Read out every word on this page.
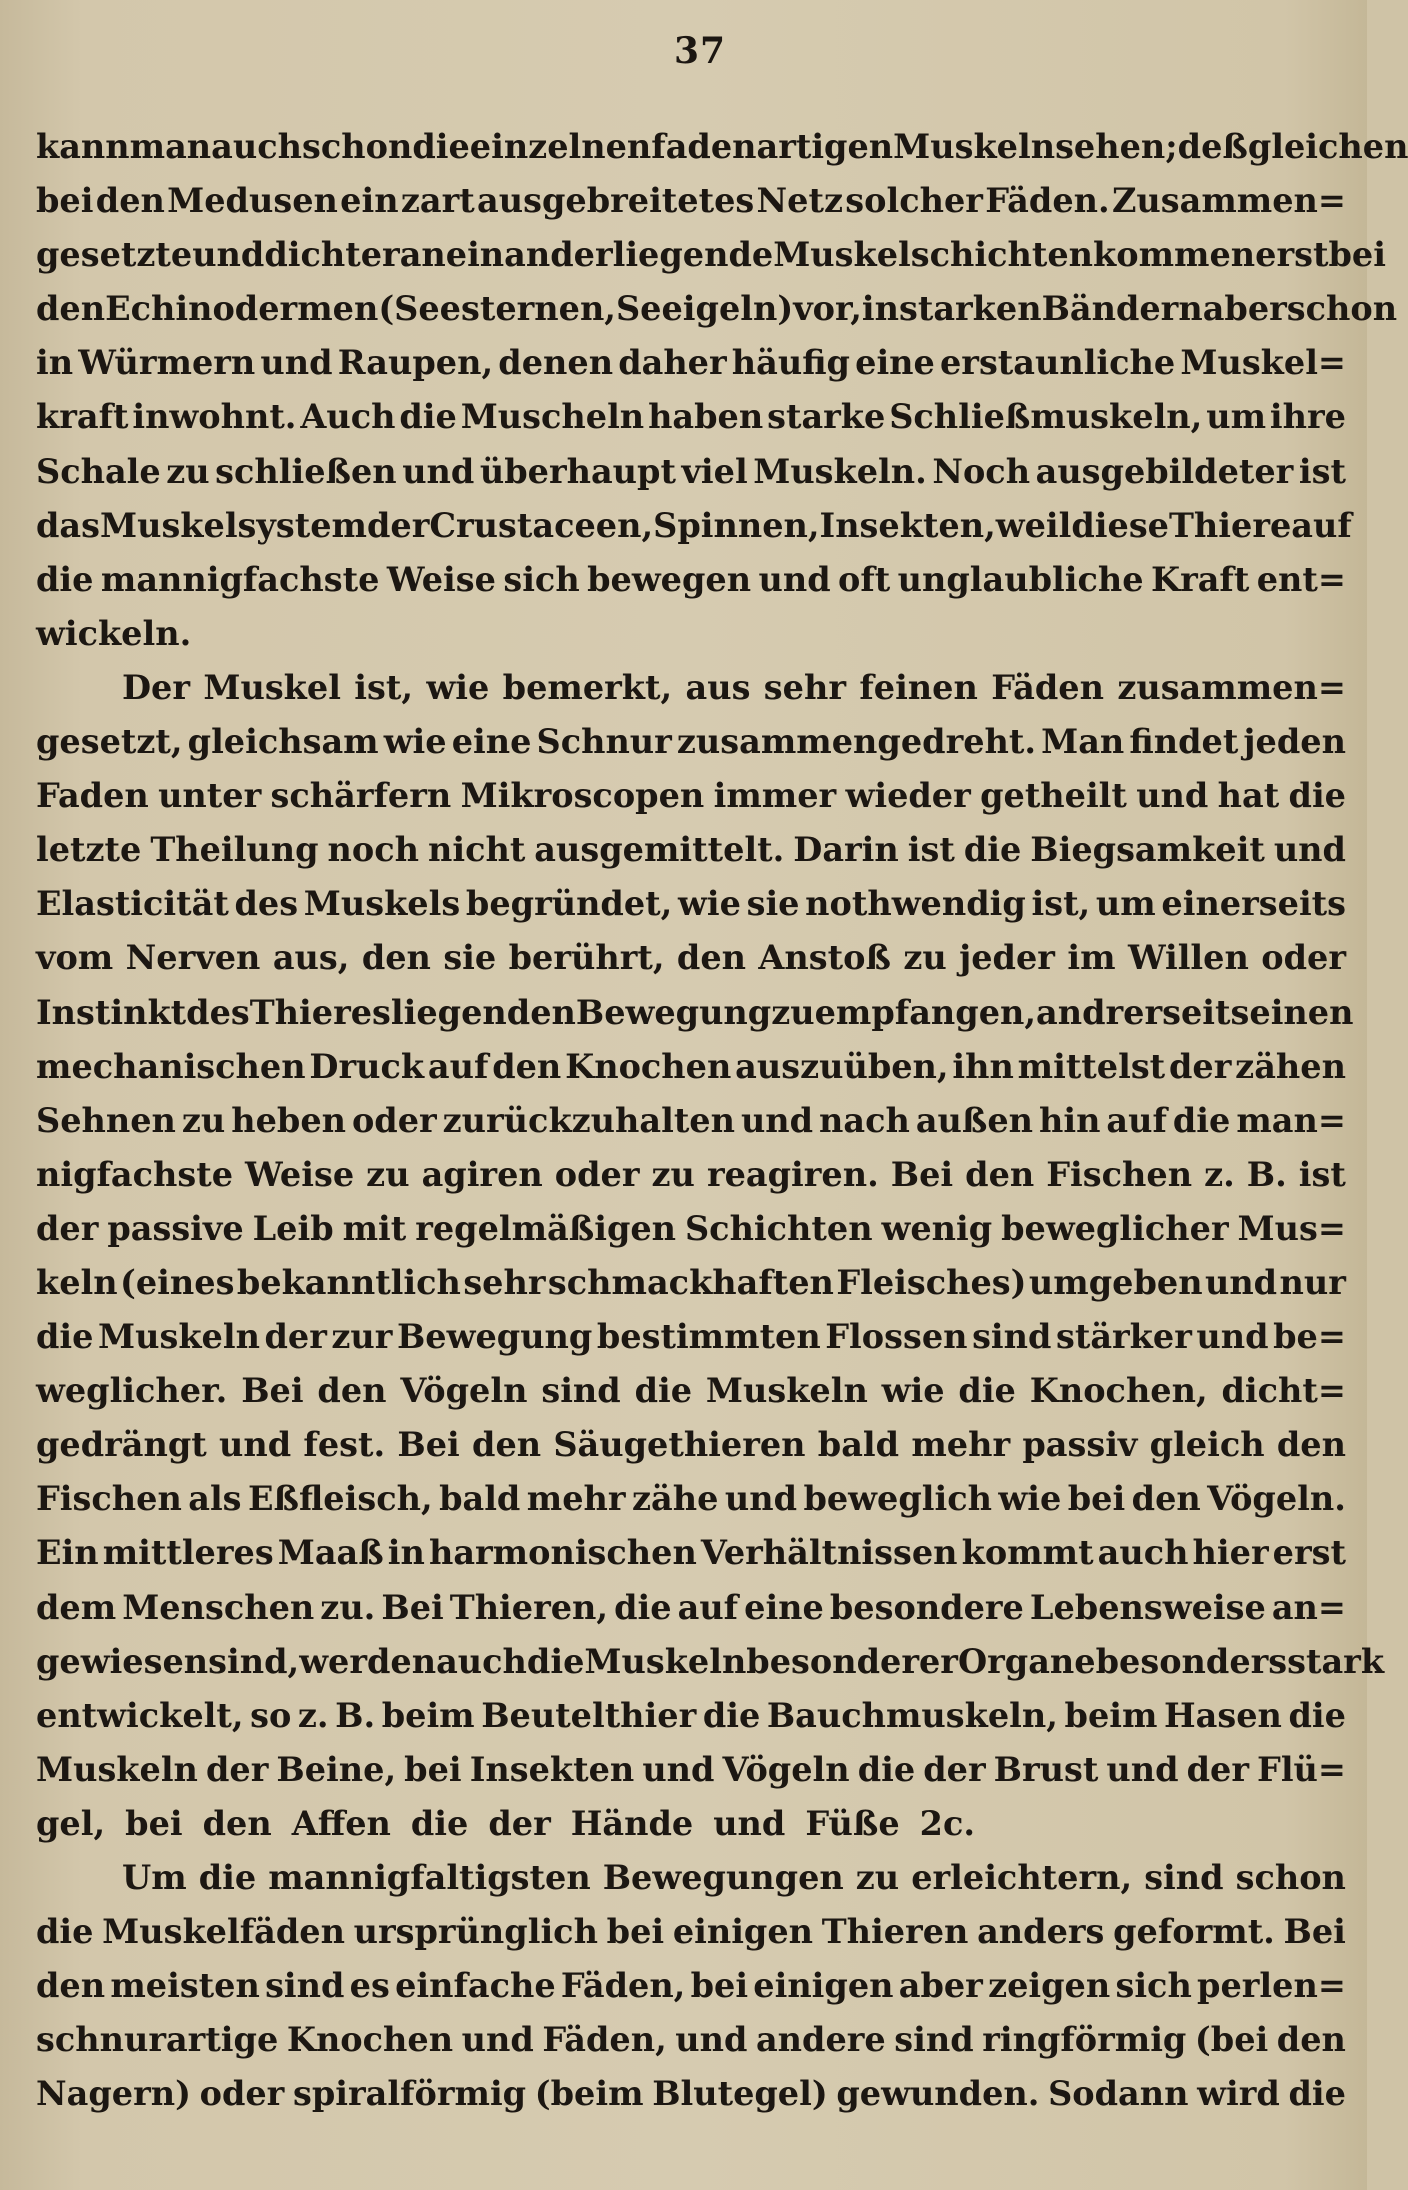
37
kann man auch schon die einzelnen fadenartigen Muskeln sehen; deßgleichen
bei den Medusen ein zart ausgebreitetes Netz solcher Fäden. Zusammen=
gesetzte und dichter an einander liegende Muskelschichten kommen erst bei
den Echinodermen (Seesternen, Seeigeln) vor, in starken Bändern aber schon
in Würmern und Raupen, denen daher häufig eine erstaunliche Muskel=
kraft inwohnt. Auch die Muscheln haben starke Schließmuskeln, um ihre
Schale zu schließen und überhaupt viel Muskeln. Noch ausgebildeter ist
das Muskelsystem der Crustaceen, Spinnen, Insekten, weil diese Thiere auf
die mannigfachste Weise sich bewegen und oft unglaubliche Kraft ent=
wickeln.
Der Muskel ist, wie bemerkt, aus sehr feinen Fäden zusammen=
gesetzt, gleichsam wie eine Schnur zusammengedreht. Man findet jeden
Faden unter schärfern Mikroscopen immer wieder getheilt und hat die
letzte Theilung noch nicht ausgemittelt. Darin ist die Biegsamkeit und
Elasticität des Muskels begründet, wie sie nothwendig ist, um einerseits
vom Nerven aus, den sie berührt, den Anstoß zu jeder im Willen oder
Instinkt des Thieres liegenden Bewegung zu empfangen, andrerseits einen
mechanischen Druck auf den Knochen auszuüben, ihn mittelst der zähen
Sehnen zu heben oder zurückzuhalten und nach außen hin auf die man=
nigfachste Weise zu agiren oder zu reagiren. Bei den Fischen z. B. ist
der passive Leib mit regelmäßigen Schichten wenig beweglicher Mus=
keln (eines bekanntlich sehr schmackhaften Fleisches) umgeben und nur
die Muskeln der zur Bewegung bestimmten Flossen sind stärker und be=
weglicher. Bei den Vögeln sind die Muskeln wie die Knochen, dicht=
gedrängt und fest. Bei den Säugethieren bald mehr passiv gleich den
Fischen als Eßfleisch, bald mehr zähe und beweglich wie bei den Vögeln.
Ein mittleres Maaß in harmonischen Verhältnissen kommt auch hier erst
dem Menschen zu. Bei Thieren, die auf eine besondere Lebensweise an=
gewiesen sind, werden auch die Muskeln besonderer Organe besonders stark
entwickelt, so z. B. beim Beutelthier die Bauchmuskeln, beim Hasen die
Muskeln der Beine, bei Insekten und Vögeln die der Brust und der Flü=
gel, bei den Affen die der Hände und Füße 2c.
Um die mannigfaltigsten Bewegungen zu erleichtern, sind schon
die Muskelfäden ursprünglich bei einigen Thieren anders geformt. Bei
den meisten sind es einfache Fäden, bei einigen aber zeigen sich perlen=
schnurartige Knochen und Fäden, und andere sind ringförmig (bei den
Nagern) oder spiralförmig (beim Blutegel) gewunden. Sodann wird die
